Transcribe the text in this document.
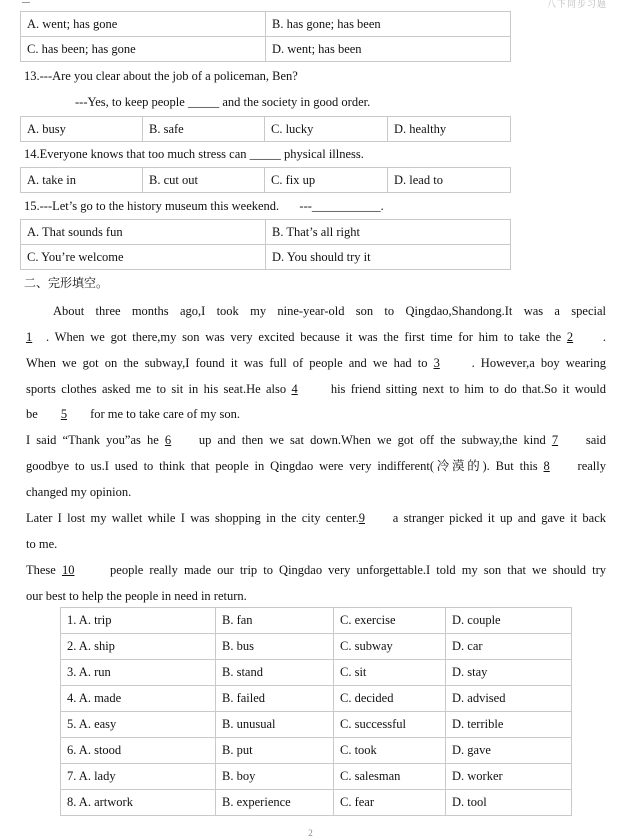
八下同步习题
A. went; has gone	B. has gone; has been
C. has been; has gone	D. went; has been
13.---Are you clear about the job of a policeman, Ben?
---Yes, to keep people _____ and the society in good order.
A. busy	B. safe	C. lucky	D. healthy
14.Everyone knows that too much stress can _____ physical illness.
A. take in	B. cut out	C. fix up	D. lead to
15.---Let’s go to the history museum this weekend. ---___________.
A. That sounds fun	B. That’s all right
C. You’re welcome	D. You should try it
二、完形填空。
About three months ago,I took my nine-year-old son to Qingdao,Shandong.It was a special
1 . When we got there,my son was very excited because it was the first time for him to take the 2 .
When we got on the subway,I found it was full of people and we had to 3	. However,a boy wearing
sports clothes asked me to sit in his seat.He also 4	his friend sitting next to him to do that.So it would
be 5 for me to take care of my son.
I said “Thank you”as he 6 up and then we sat down.When we got off the subway,the kind 7 said
goodbye to us.I used to think that people in Qingdao were very indifferent(冷漠的). But this 8 really
changed my opinion.
Later I lost my wallet while I was shopping in the city center.9 a stranger picked it up and gave it back
to me.
These 10	people really made our trip to Qingdao very unforgettable.I told my son that we should try
our best to help the people in need in return.
1. A. trip	B. fan	C. exercise	D. couple
2. A. ship	B. bus	C. subway	D. car
3. A. run	B. stand	C. sit	D. stay
4. A. made	B. failed	C. decided	D. advised
5. A. easy	B. unusual	C. successful	D. terrible
6. A. stood	B. put	C. took	D. gave
7. A. lady	B. boy	C. salesman	D. worker
8. A. artwork	B. experience	C. fear	D. tool
2
